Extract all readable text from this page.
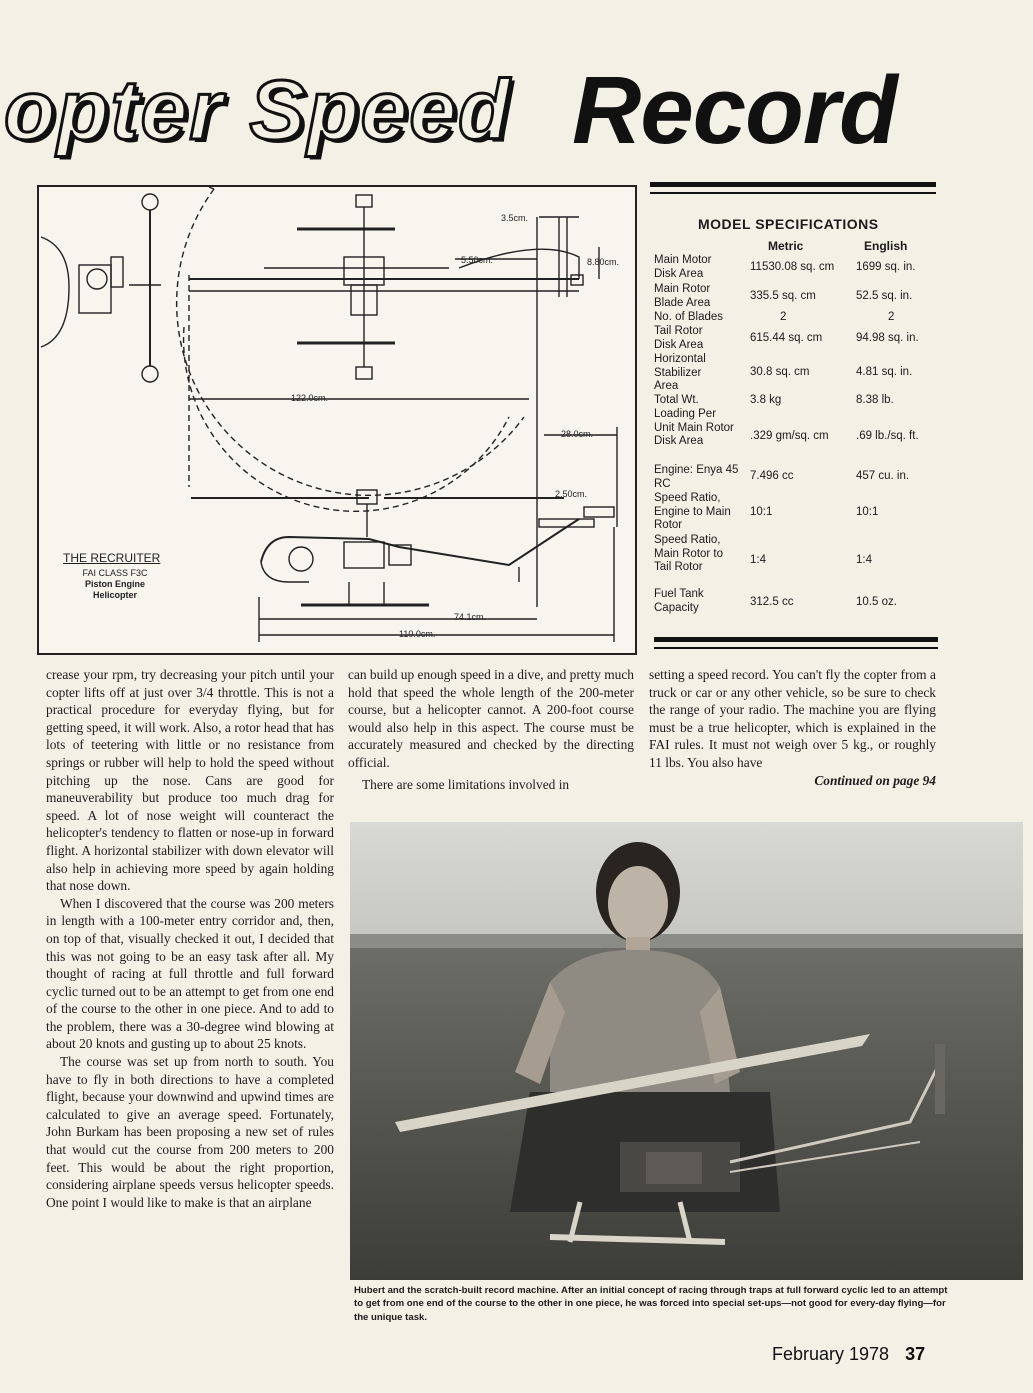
opter Speed Record
3.5cm.
5.50cm.	8.80cm.
122.0cm.
28.0cm.
2.50cm.
74.1cm.
110.0cm.
THE RECRUITER
FAI CLASS F3C
Piston Engine
Helicopter
MODEL SPECIFICATIONS
Metric	English
Main Motor Disk Area
11530.08 sq. cm	1699 sq. in.
Main Rotor Blade Area
335.5 sq. cm	52.5 sq. in.
No. of Blades	2	2
Tail Rotor Disk Area
615.44 sq. cm	94.98 sq. in.
Horizontal Stabilizer Area
30.8 sq. cm	4.81 sq. in.
Total Wt.	3.8 kg	8.38 lb.
Loading Per Unit Main Rotor Disk Area	.329 gm/sq. cm	.69 lb./sq. ft.
Engine: Enya 45 RC
7.496 cc	457 cu. in.
Speed Ratio, Engine to Main Rotor
10:1	10:1
Speed Ratio, Main Rotor to Tail Rotor
1:4	1:4
Fuel Tank Capacity	312.5 cc	10.5 oz.

crease your rpm, try decreasing your pitch until your copter lifts off at just over 3/4 throttle. This is not a practical procedure for everyday flying, but for getting speed, it will work. Also, a rotor head that has lots of teetering with little or no resistance from springs or rubber will help to hold the speed without pitching up the nose. Cans are good for maneuverability but produce too much drag for speed. A lot of nose weight will counteract the helicopter's tendency to flatten or nose-up in forward flight. A horizontal stabilizer with down elevator will also help in achieving more speed by again holding that nose down.

When I discovered that the course was 200 meters in length with a 100-meter entry corridor and, then, on top of that, visually checked it out, I decided that this was not going to be an easy task after all. My thought of racing at full throttle and full forward cyclic turned out to be an attempt to get from one end of the course to the other in one piece. And to add to the problem, there was a 30-degree wind blowing at about 20 knots and gusting up to about 25 knots.

The course was set up from north to south. You have to fly in both directions to have a completed flight, because your downwind and upwind times are calculated to give an average speed. Fortunately, John Burkam has been proposing a new set of rules that would cut the course from 200 meters to 200 feet. This would be about the right proportion, considering airplane speeds versus helicopter speeds. One point I would like to make is that an airplane

can build up enough speed in a dive, and pretty much hold that speed the whole length of the 200-meter course, but a helicopter cannot. A 200-foot course would also help in this aspect. The course must be accurately measured and checked by the directing official.

There are some limitations involved in

setting a speed record. You can't fly the copter from a truck or car or any other vehicle, so be sure to check the range of your radio. The machine you are flying must be a true helicopter, which is explained in the FAI rules. It must not weigh over 5 kg., or roughly 11 lbs. You also have

Continued on page 94

Hubert and the scratch-built record machine. After an initial concept of racing through traps at full forward cyclic led to an attempt to get from one end of the course to the other in one piece, he was forced into special set-ups—not good for every-day flying—for the unique task.

February 1978 37
